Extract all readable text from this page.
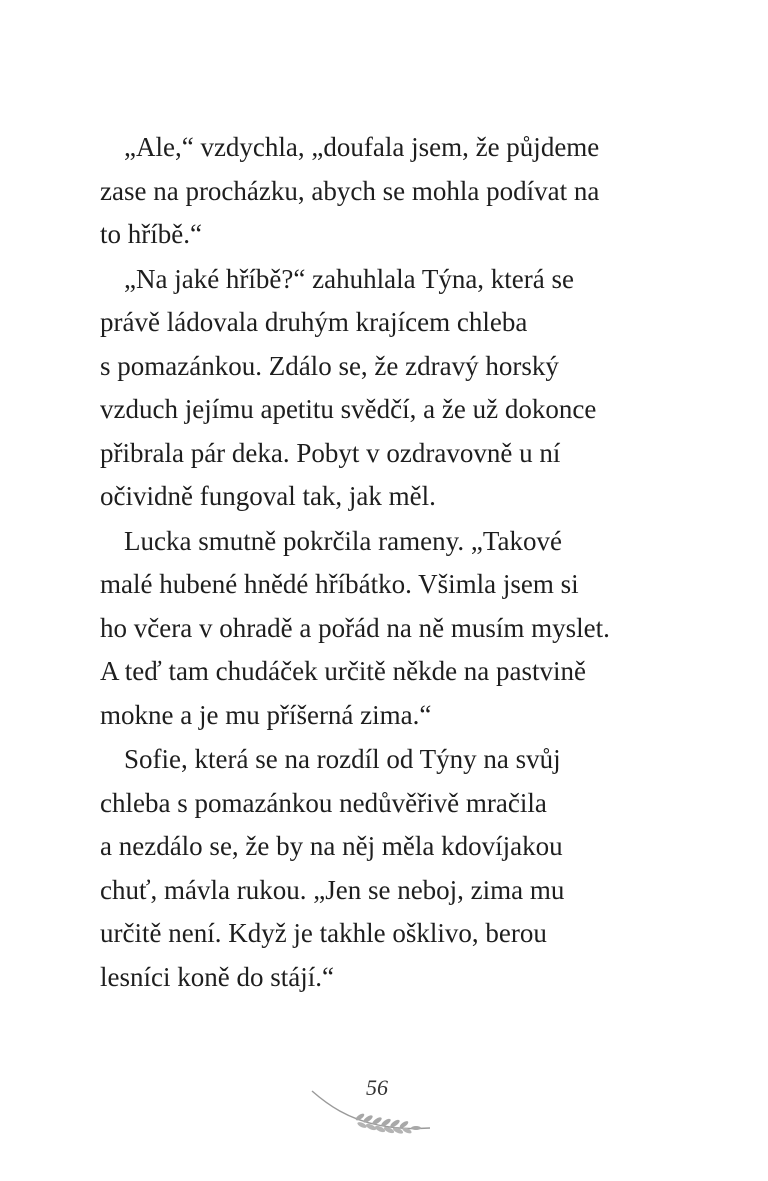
„Ale,“ vzdychla, „doufala jsem, že půjdeme
zase na procházku, abych se mohla podívat na
to hříbě.“
„Na jaké hříbě?“ zahuhlala Týna, která se
právě ládovala druhým krajícem chleba
s pomazánkou. Zdálo se, že zdravý horský
vzduch jejímu apetitu svědčí, a že už dokonce
přibrala pár deka. Pobyt v ozdravovně u ní
očividně fungoval tak, jak měl.
Lucka smutně pokrčila rameny. „Takové
malé hubené hnědé hříbátko. Všimla jsem si
ho včera v ohradě a pořád na ně musím myslet.
A teď tam chudáček určitě někde na pastvině
mokne a je mu příšerná zima.“
Sofie, která se na rozdíl od Týny na svůj
chleba s pomazánkou nedůvěřivě mračila
a nezdálo se, že by na něj měla kdovíjakou
chuť, mávla rukou. „Jen se neboj, zima mu
určitě není. Když je takhle ošklivo, berou
lesníci koně do stájí.“
56
